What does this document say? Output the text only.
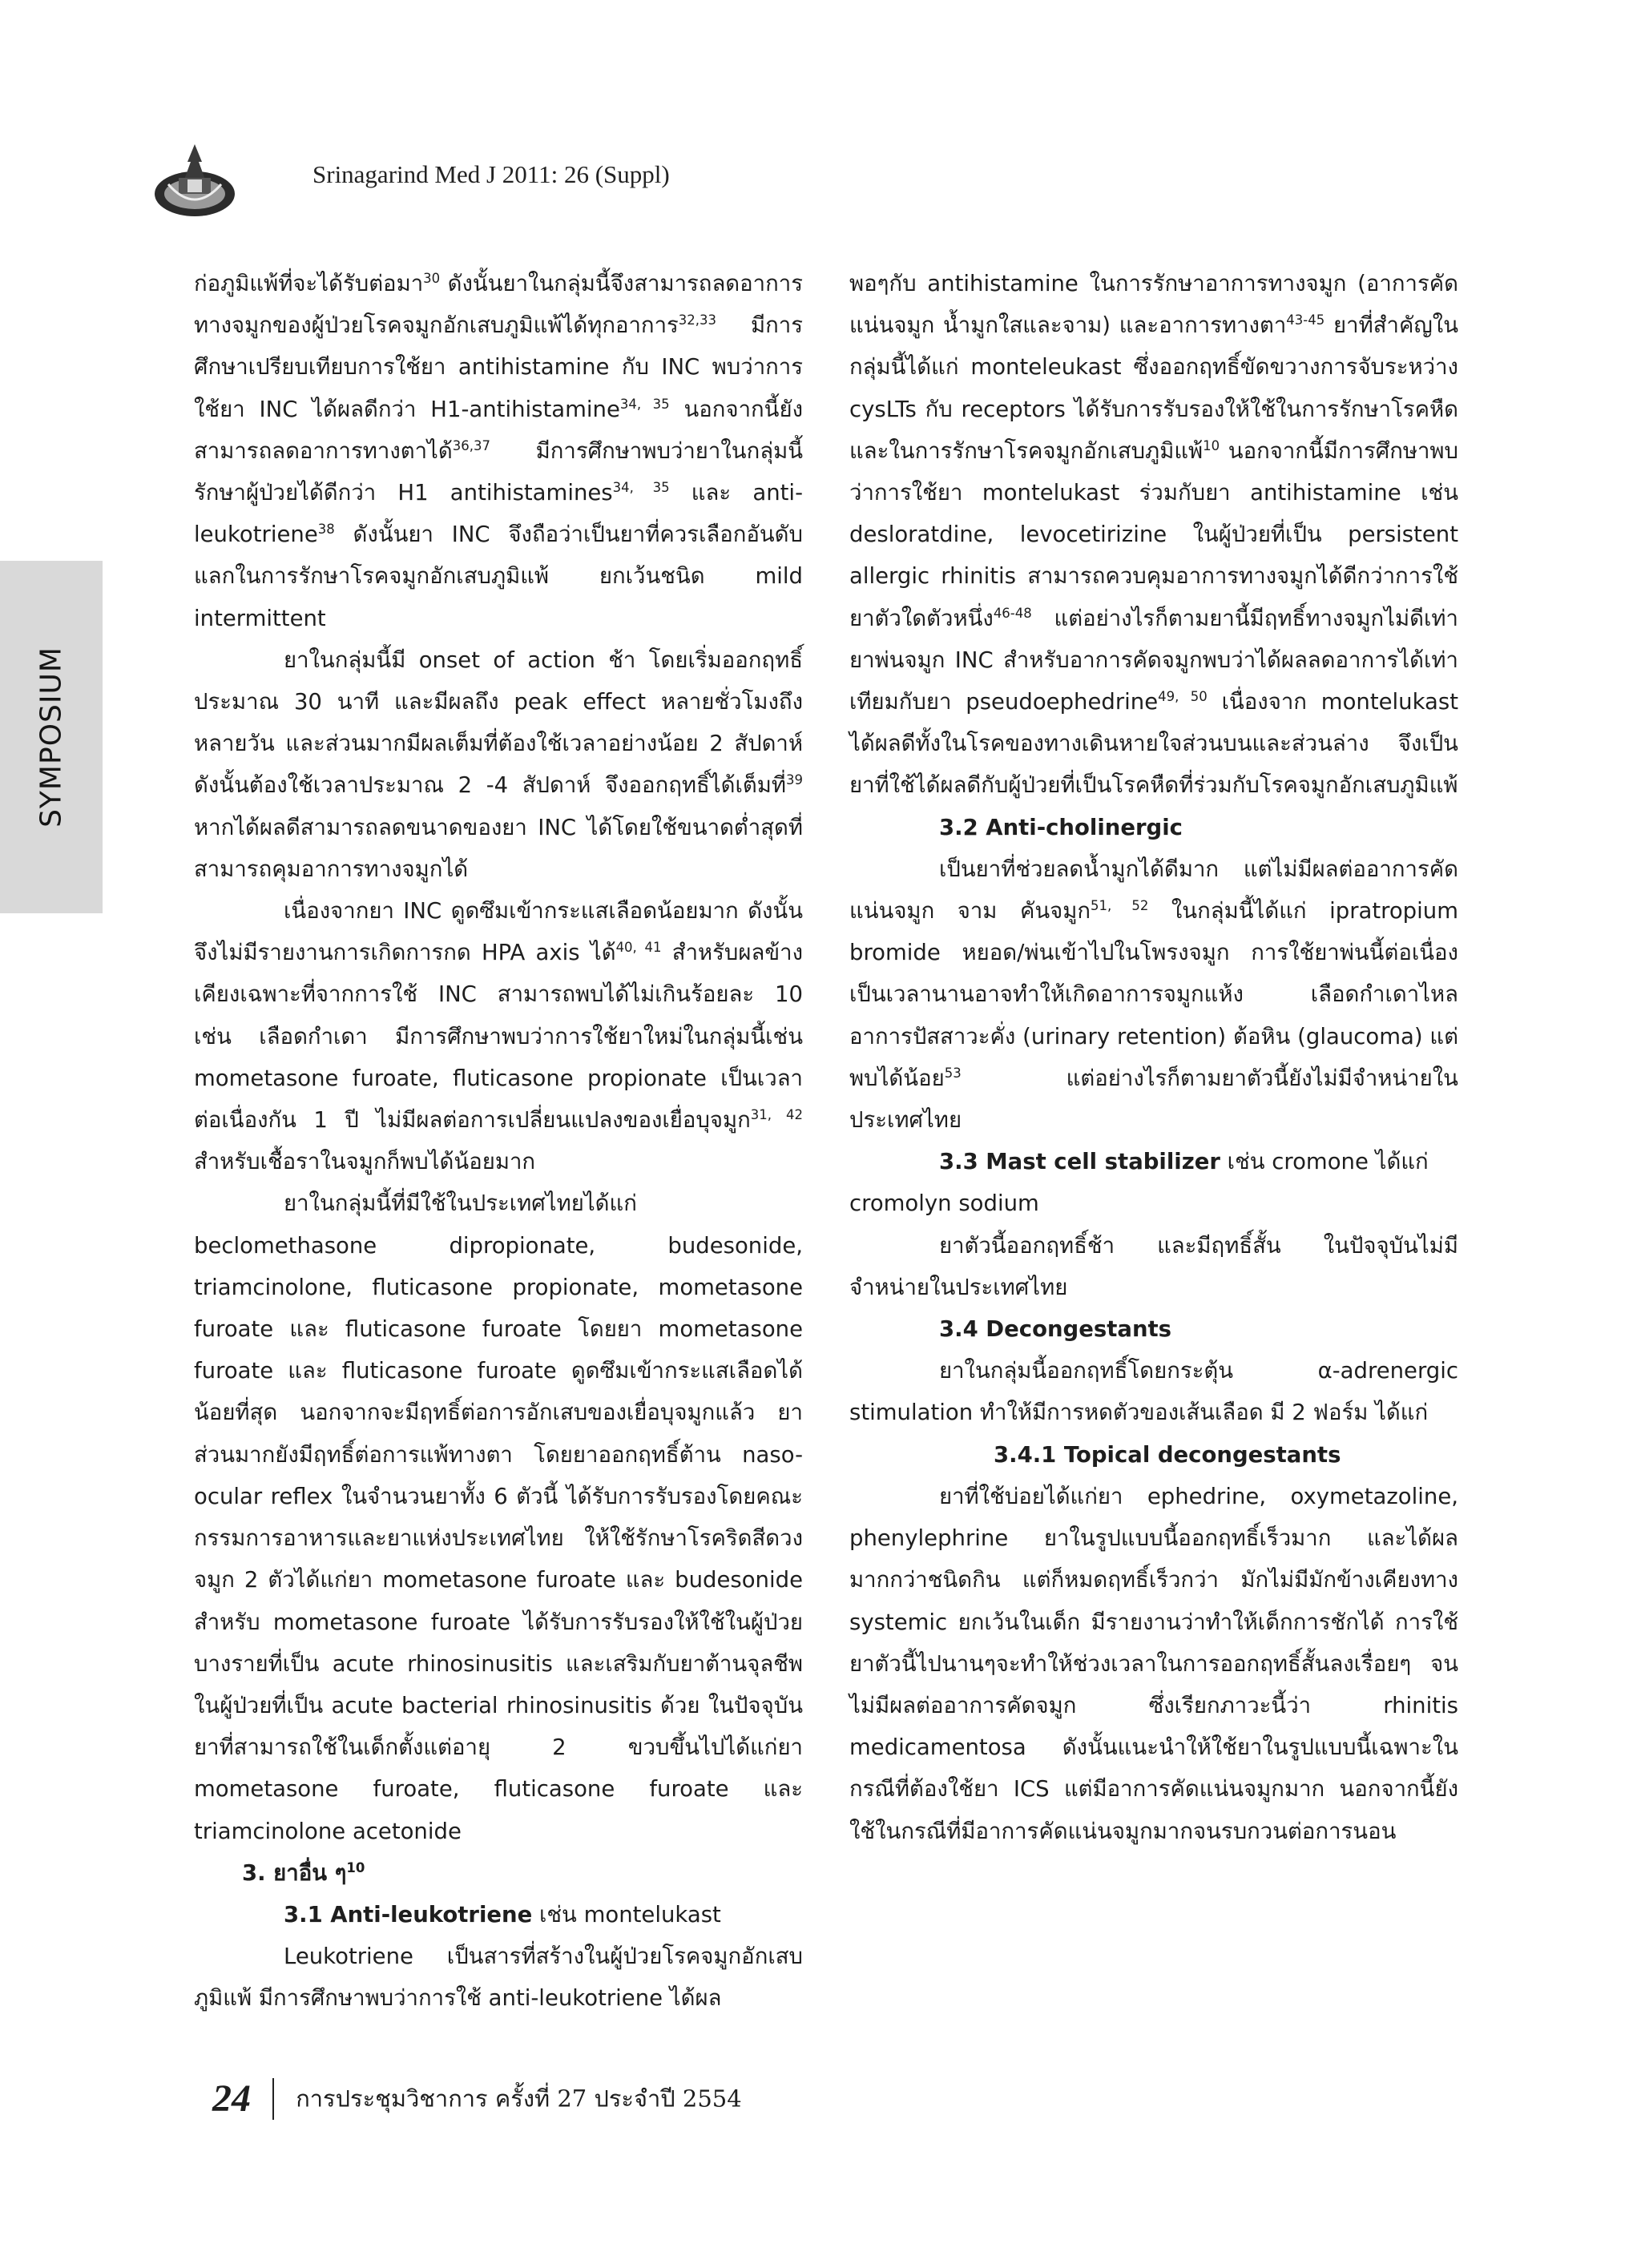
Srinagarind Med J 2011: 26 (Suppl)
SYMPOSIUM

ก่อภูมิแพ้ที่จะได้รับต่อมา$^{30}$ ดังนั้นยาในกลุ่มนี้จึงสามารถลดอาการทางจมูกของผู้ป่วยโรคจมูกอักเสบภูมิแพ้ได้ทุกอาการ$^{32,33}$ มีการศึกษาเปรียบเทียบการใช้ยา antihistamine กับ INC พบว่าการใช้ยา INC ได้ผลดีกว่า H1-antihistamine$^{34, 35}$ นอกจากนี้ยังสามารถลดอาการทางตาได้$^{36,37}$ มีการศึกษาพบว่ายาในกลุ่มนี้รักษาผู้ป่วยได้ดีกว่า H1 antihistamines$^{34, 35}$ และ anti-leukotriene$^{38}$ ดังนั้นยา INC จึงถือว่าเป็นยาที่ควรเลือกอันดับแลกในการรักษาโรคจมูกอักเสบภูมิแพ้ ยกเว้นชนิด mild intermittent

ยาในกลุ่มนี้มี onset of action ช้า โดยเริ่มออกฤทธิ์ประมาณ 30 นาที และมีผลถึง peak effect หลายชั่วโมงถึงหลายวัน และส่วนมากมีผลเต็มที่ต้องใช้เวลาอย่างน้อย 2 สัปดาห์ ดังนั้นต้องใช้เวลาประมาณ 2 -4 สัปดาห์ จึงออกฤทธิ์ได้เต็มที่$^{39}$ หากได้ผลดีสามารถลดขนาดของยา INC ได้โดยใช้ขนาดต่ำสุดที่สามารถคุมอาการทางจมูกได้

เนื่องจากยา INC ดูดซึมเข้ากระแสเลือดน้อยมาก ดังนั้นจึงไม่มีรายงานการเกิดการกด HPA axis ได้$^{40, 41}$ สำหรับผลข้างเคียงเฉพาะที่จากการใช้ INC สามารถพบได้ไม่เกินร้อยละ 10 เช่น เลือดกำเดา มีการศึกษาพบว่าการใช้ยาใหม่ในกลุ่มนี้เช่น mometasone furoate, fluticasone propionate เป็นเวลาต่อเนื่องกัน 1 ปี ไม่มีผลต่อการเปลี่ยนแปลงของเยื่อบุจมูก$^{31, 42}$ สำหรับเชื้อราในจมูกก็พบได้น้อยมาก

ยาในกลุ่มนี้ที่มีใช้ในประเทศไทยได้แก่ beclomethasone dipropionate, budesonide, triamcinolone, fluticasone propionate, mometasone furoate และ fluticasone furoate โดยยา mometasone furoate และ fluticasone furoate ดูดซึมเข้ากระแสเลือดได้น้อยที่สุด นอกจากจะมีฤทธิ์ต่อการอักเสบของเยื่อบุจมูกแล้ว ยาส่วนมากยังมีฤทธิ์ต่อการแพ้ทางตา โดยยาออกฤทธิ์ต้าน naso-ocular reflex ในจำนวนยาทั้ง 6 ตัวนี้ ได้รับการรับรองโดยคณะกรรมการอาหารและยาแห่งประเทศไทย ให้ใช้รักษาโรคริดสีดวงจมูก 2 ตัวได้แก่ยา mometasone furoate และ budesonide สำหรับ mometasone furoate ได้รับการรับรองให้ใช้ในผู้ป่วยบางรายที่เป็น acute rhinosinusitis และเสริมกับยาต้านจุลชีพในผู้ป่วยที่เป็น acute bacterial rhinosinusitis ด้วย ในปัจจุบันยาที่สามารถใช้ในเด็กตั้งแต่อายุ 2 ขวบขึ้นไปได้แก่ยา mometasone furoate, fluticasone furoate และ triamcinolone acetonide

3. ยาอื่น ๆ$^{10}$

3.1 Anti-leukotriene เช่น montelukast

Leukotriene เป็นสารที่สร้างในผู้ป่วยโรคจมูกอักเสบภูมิแพ้ มีการศึกษาพบว่าการใช้ anti-leukotriene ได้ผล

พอๆกับ antihistamine ในการรักษาอาการทางจมูก (อาการคัดแน่นจมูก น้ำมูกใสและจาม) และอาการทางตา$^{43-45}$ ยาที่สำคัญในกลุ่มนี้ได้แก่ monteleukast ซึ่งออกฤทธิ์ขัดขวางการจับระหว่าง cysLTs กับ receptors ได้รับการรับรองให้ใช้ในการรักษาโรคหืด และในการรักษาโรคจมูกอักเสบภูมิแพ้$^{10}$ นอกจากนี้มีการศึกษาพบว่าการใช้ยา montelukast ร่วมกับยา antihistamine เช่น desloratdine, levocetirizine ในผู้ป่วยที่เป็น persistent allergic rhinitis สามารถควบคุมอาการทางจมูกได้ดีกว่าการใช้ยาตัวใดตัวหนึ่ง$^{46-48}$ แต่อย่างไรก็ตามยานี้มีฤทธิ์ทางจมูกไม่ดีเท่ายาพ่นจมูก INC สำหรับอาการคัดจมูกพบว่าได้ผลลดอาการได้เท่าเทียมกับยา pseudoephedrine$^{49, 50}$ เนื่องจาก montelukast ได้ผลดีทั้งในโรคของทางเดินหายใจส่วนบนและส่วนล่าง จึงเป็นยาที่ใช้ได้ผลดีกับผู้ป่วยที่เป็นโรคหืดที่ร่วมกับโรคจมูกอักเสบภูมิแพ้

3.2 Anti-cholinergic

เป็นยาที่ช่วยลดน้ำมูกได้ดีมาก แต่ไม่มีผลต่ออาการคัดแน่นจมูก จาม คันจมูก$^{51, 52}$ ในกลุ่มนี้ได้แก่ ipratropium bromide หยอด/พ่นเข้าไปในโพรงจมูก การใช้ยาพ่นนี้ต่อเนื่องเป็นเวลานานอาจทำให้เกิดอาการจมูกแห้ง เลือดกำเดาไหล อาการปัสสาวะคั่ง (urinary retention) ต้อหิน (glaucoma) แต่พบได้น้อย$^{53}$ แต่อย่างไรก็ตามยาตัวนี้ยังไม่มีจำหน่ายในประเทศไทย

3.3 Mast cell stabilizer เช่น cromone ได้แก่

cromolyn sodium

ยาตัวนี้ออกฤทธิ์ช้า และมีฤทธิ์สั้น ในปัจจุบันไม่มีจำหน่ายในประเทศไทย

3.4 Decongestants

ยาในกลุ่มนี้ออกฤทธิ์โดยกระตุ้น α-adrenergic stimulation ทำให้มีการหดตัวของเส้นเลือด มี 2 ฟอร์ม ได้แก่

3.4.1 Topical decongestants

ยาที่ใช้บ่อยได้แก่ยา ephedrine, oxymetazoline, phenylephrine ยาในรูปแบบนี้ออกฤทธิ์เร็วมาก และได้ผลมากกว่าชนิดกิน แต่ก็หมดฤทธิ์เร็วกว่า มักไม่มีมักข้างเคียงทาง systemic ยกเว้นในเด็ก มีรายงานว่าทำให้เด็กการชักได้ การใช้ยาตัวนี้ไปนานๆจะทำให้ช่วงเวลาในการออกฤทธิ์สั้นลงเรื่อยๆ จนไม่มีผลต่ออาการคัดจมูก ซึ่งเรียกภาวะนี้ว่า rhinitis medicamentosa ดังนั้นแนะนำให้ใช้ยาในรูปแบบนี้เฉพาะในกรณีที่ต้องใช้ยา ICS แต่มีอาการคัดแน่นจมูกมาก นอกจากนี้ยังใช้ในกรณีที่มีอาการคัดแน่นจมูกมากจนรบกวนต่อการนอน

24 การประชุมวิชาการ ครั้งที่ 27 ประจำปี 2554
